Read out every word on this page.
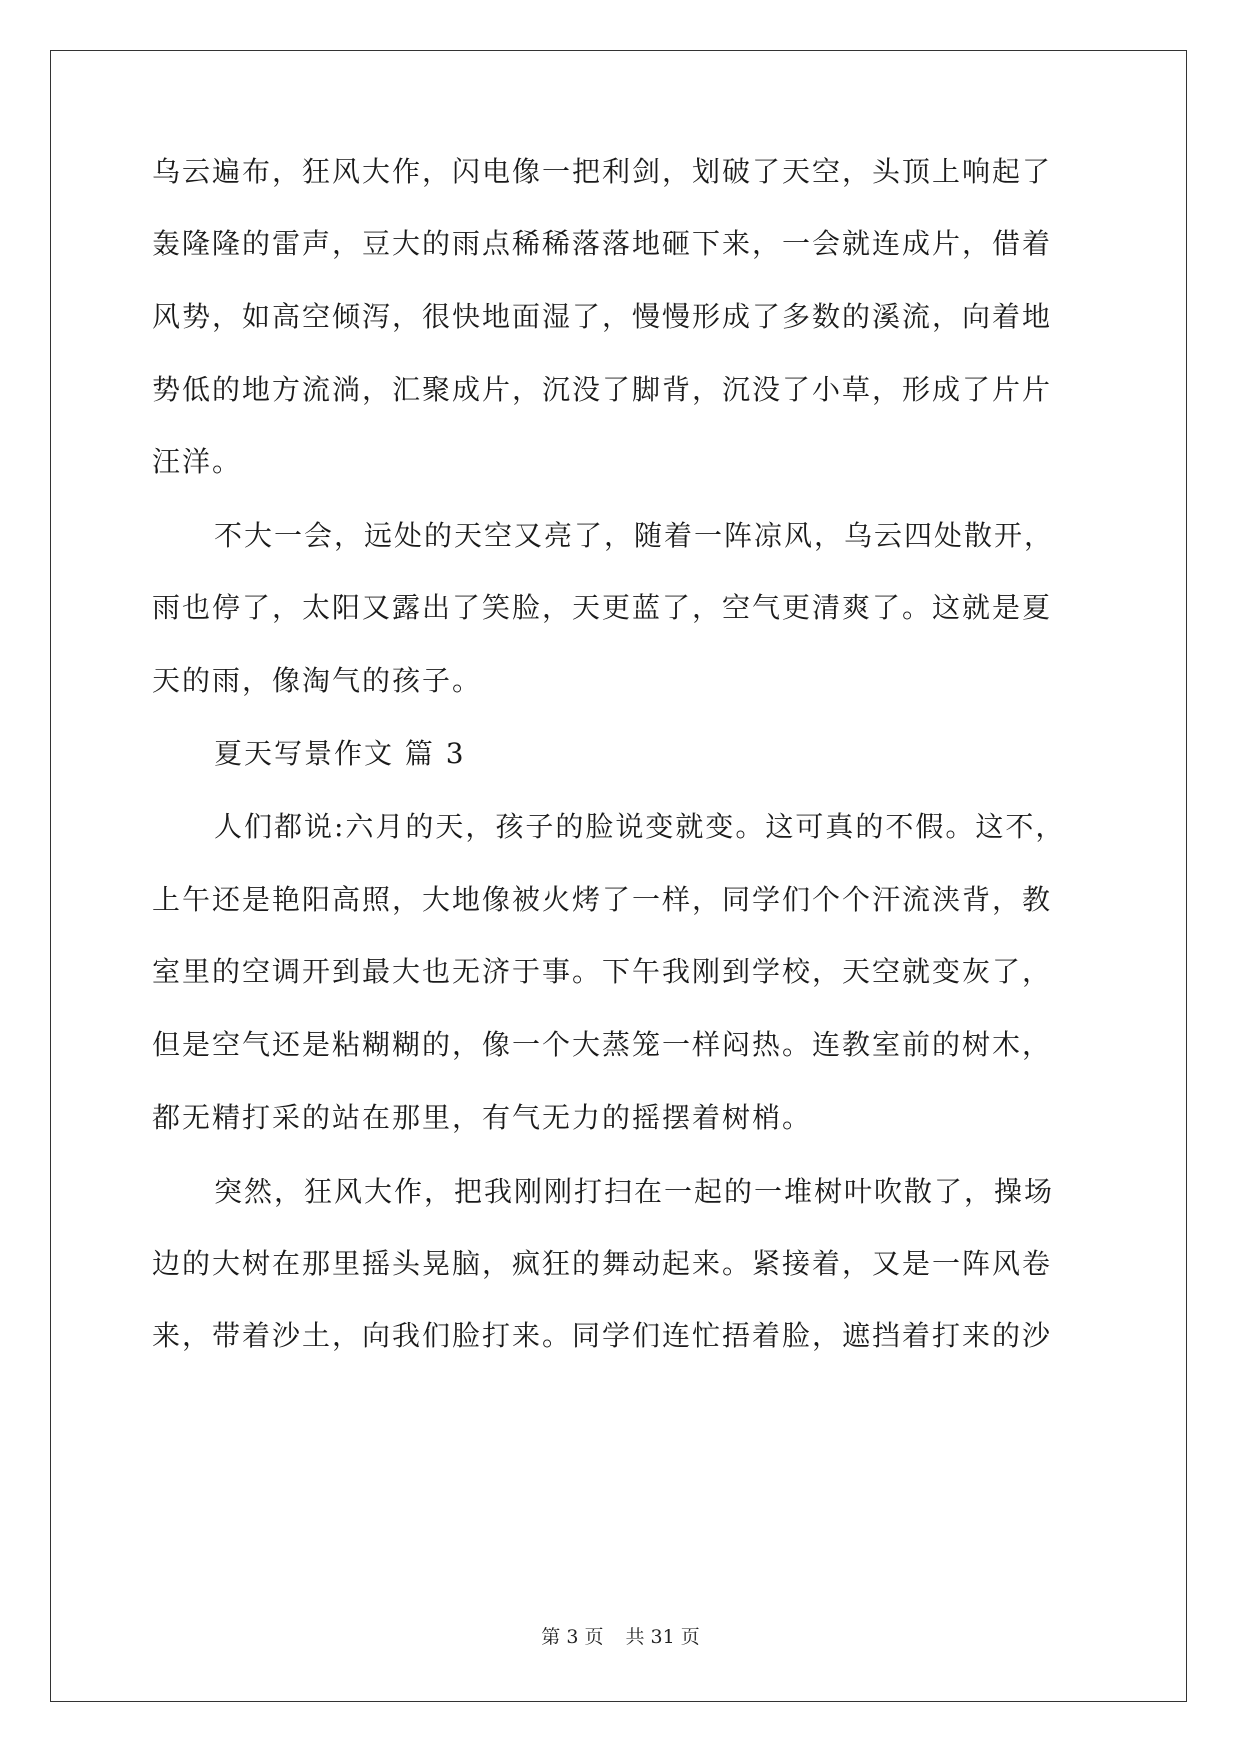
乌云遍布，狂风大作，闪电像一把利剑，划破了天空，头顶上响起了
轰隆隆的雷声，豆大的雨点稀稀落落地砸下来，一会就连成片，借着
风势，如高空倾泻，很快地面湿了，慢慢形成了多数的溪流，向着地
势低的地方流淌，汇聚成片，沉没了脚背，沉没了小草，形成了片片
汪洋。
不大一会，远处的天空又亮了，随着一阵凉风，乌云四处散开，
雨也停了，太阳又露出了笑脸，天更蓝了，空气更清爽了。这就是夏
天的雨，像淘气的孩子。
夏天写景作文 篇 3
人们都说:六月的天，孩子的脸说变就变。这可真的不假。这不，
上午还是艳阳高照，大地像被火烤了一样，同学们个个汗流浃背，教
室里的空调开到最大也无济于事。下午我刚到学校，天空就变灰了，
但是空气还是粘糊糊的，像一个大蒸笼一样闷热。连教室前的树木，
都无精打采的站在那里，有气无力的摇摆着树梢。
突然，狂风大作，把我刚刚打扫在一起的一堆树叶吹散了，操场
边的大树在那里摇头晃脑，疯狂的舞动起来。紧接着，又是一阵风卷
来，带着沙土，向我们脸打来。同学们连忙捂着脸，遮挡着打来的沙
第 3 页 共 31 页
